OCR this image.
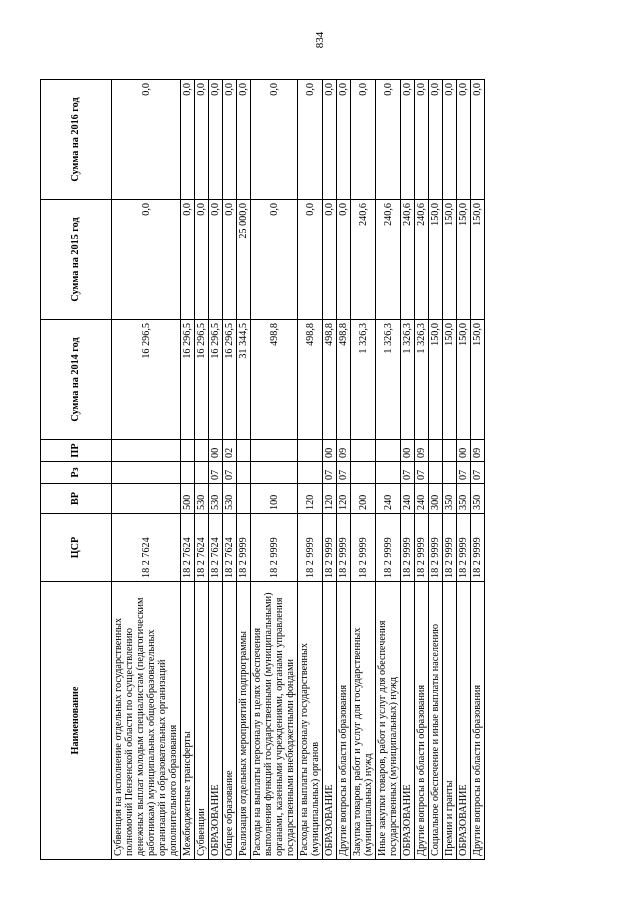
834
Наименование	ЦСР	ВР	Рз	ПР	Сумма на 2014 год	Сумма на 2015 год	Сумма на 2016 год
Субвенция на исполнение отдельных государственных полномочий Пензенской области по осуществлению денежных выплат молодым специалистам (педагогическим работникам) муниципальных общеобразовательных организаций и образовательных организаций дополнительного образования	18 2 7624				16 296,5	0,0	0,0
Межбюджетные трансферты	18 2 7624	500			16 296,5	0,0	0,0
Субвенции	18 2 7624	530			16 296,5	0,0	0,0
ОБРАЗОВАНИЕ	18 2 7624	530	07	00	16 296,5	0,0	0,0
Общее образование	18 2 7624	530	07	02	16 296,5	0,0	0,0
Реализация отдельных мероприятий подпрограммы	18 2 9999				31 344,5	25 000,0	0,0
Расходы на выплаты персоналу в целях обеспечения выполнения функций государственными (муниципальными) органами, казенными учреждениями, органами управления государственными внебюджетными фондами	18 2 9999	100			498,8	0,0	0,0
Расходы на выплаты персоналу государственных (муниципальных) органов	18 2 9999	120			498,8	0,0	0,0
ОБРАЗОВАНИЕ	18 2 9999	120	07	00	498,8	0,0	0,0
Другие вопросы в области образования	18 2 9999	120	07	09	498,8	0,0	0,0
Закупка товаров, работ и услуг для государственных (муниципальных) нужд	18 2 9999	200			1 326,3	240,6	0,0
Иные закупки товаров, работ и услуг для обеспечения государственных (муниципальных) нужд	18 2 9999	240			1 326,3	240,6	0,0
ОБРАЗОВАНИЕ	18 2 9999	240	07	00	1 326,3	240,6	0,0
Другие вопросы в области образования	18 2 9999	240	07	09	1 326,3	240,6	0,0
Социальное обеспечение и иные выплаты населению	18 2 9999	300			150,0	150,0	0,0
Премии и гранты	18 2 9999	350			150,0	150,0	0,0
ОБРАЗОВАНИЕ	18 2 9999	350	07	00	150,0	150,0	0,0
Другие вопросы в области образования	18 2 9999	350	07	09	150,0	150,0	0,0
